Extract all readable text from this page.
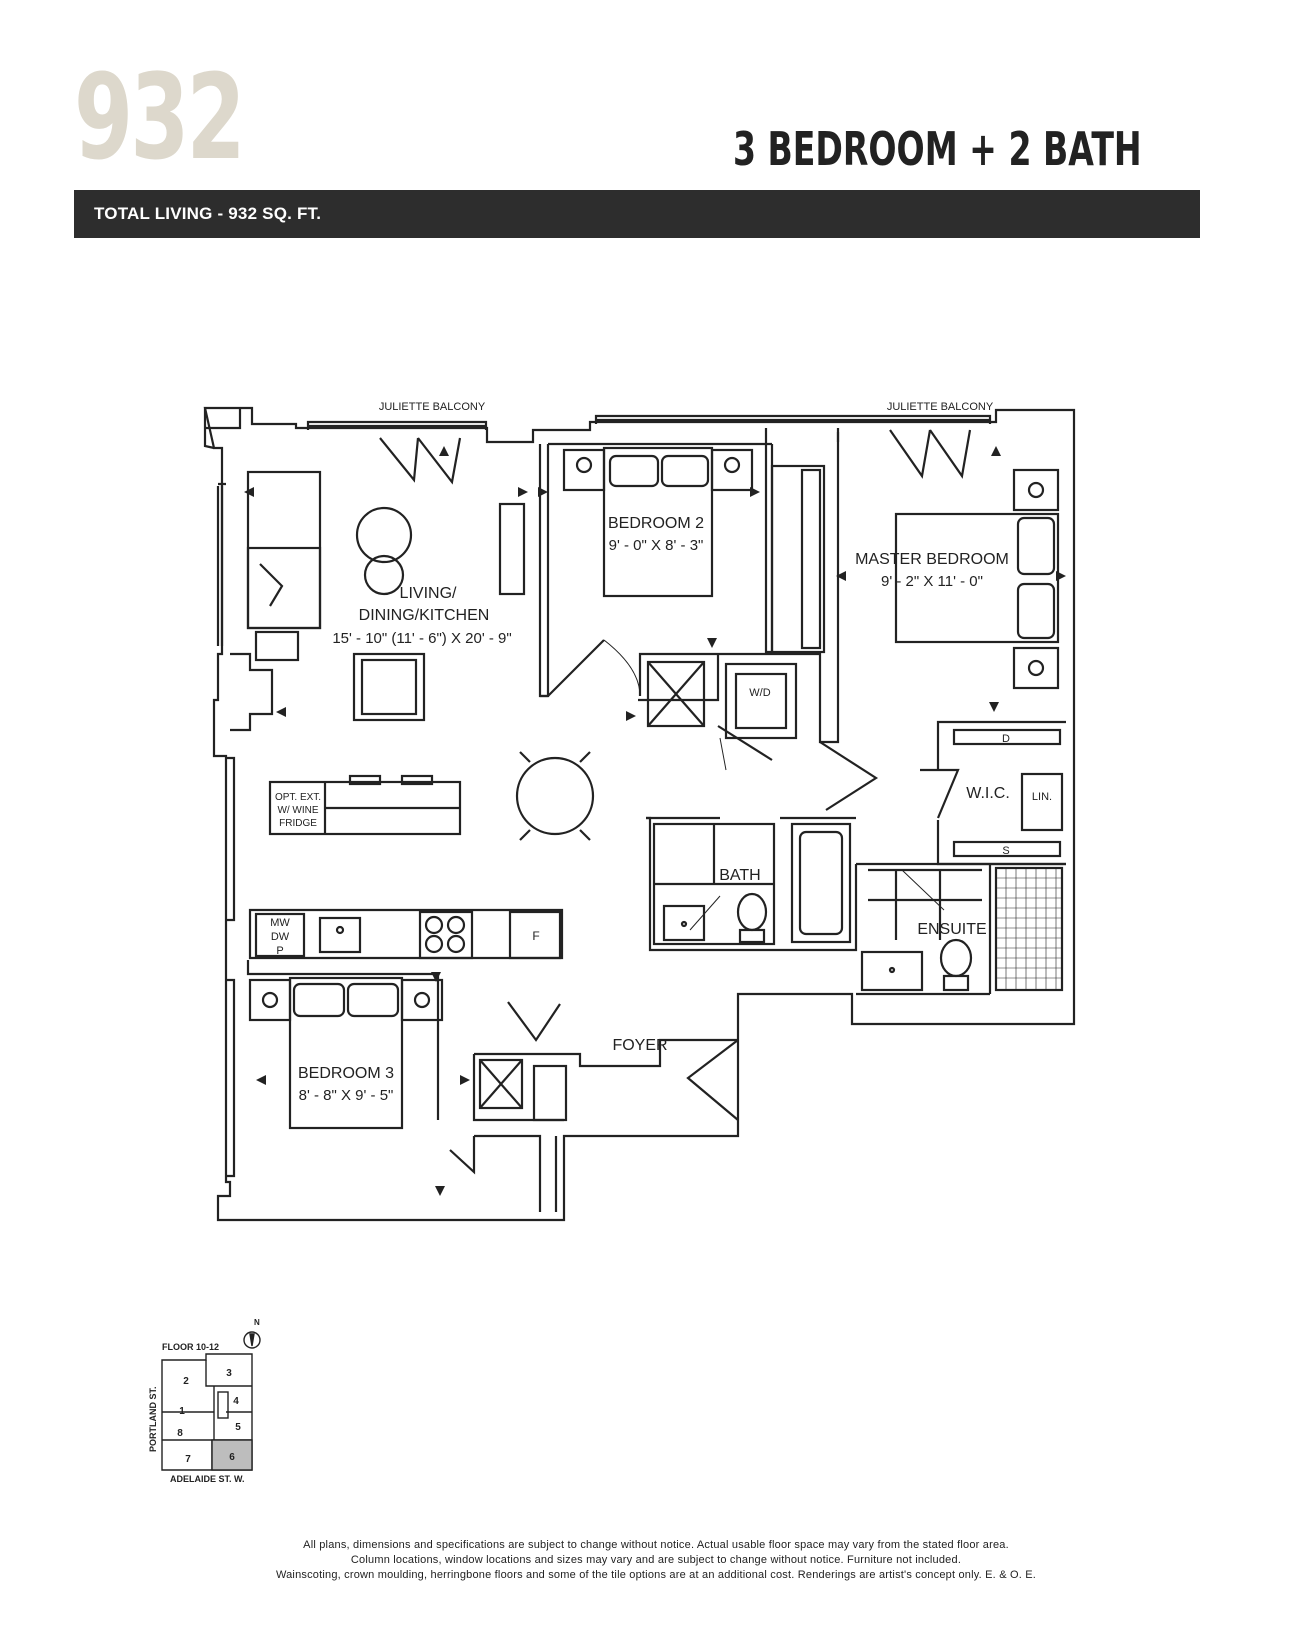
932	3 BEDROOM + 2 BATH
TOTAL LIVING - 932 SQ. FT.
JULIETTE BALCONY	JULIETTE BALCONY
LIVING/
DINING/KITCHEN
15' - 10" (11' - 6") X 20' - 9"
BEDROOM 2
9' - 0" X 8' - 3"
MASTER BEDROOM
9' - 2" X 11' - 0"
BEDROOM 3
8' - 8" X 9' - 5"
BATH
ENSUITE
FOYER
W.I.C. LIN.
W/D
D
S
OPT. EXT.
W/ WINE
FRIDGE
MW
DW
P
F
FLOOR 10-12
ADELAIDE ST. W.
PORTLAND ST.
N
1
2
3
4
5
6
7
8
All plans, dimensions and specifications are subject to change without notice. Actual usable floor space may vary from the stated floor area.
Column locations, window locations and sizes may vary and are subject to change without notice. Furniture not included.
Wainscoting, crown moulding, herringbone floors and some of the tile options are at an additional cost. Renderings are artist's concept only. E. & O. E.
